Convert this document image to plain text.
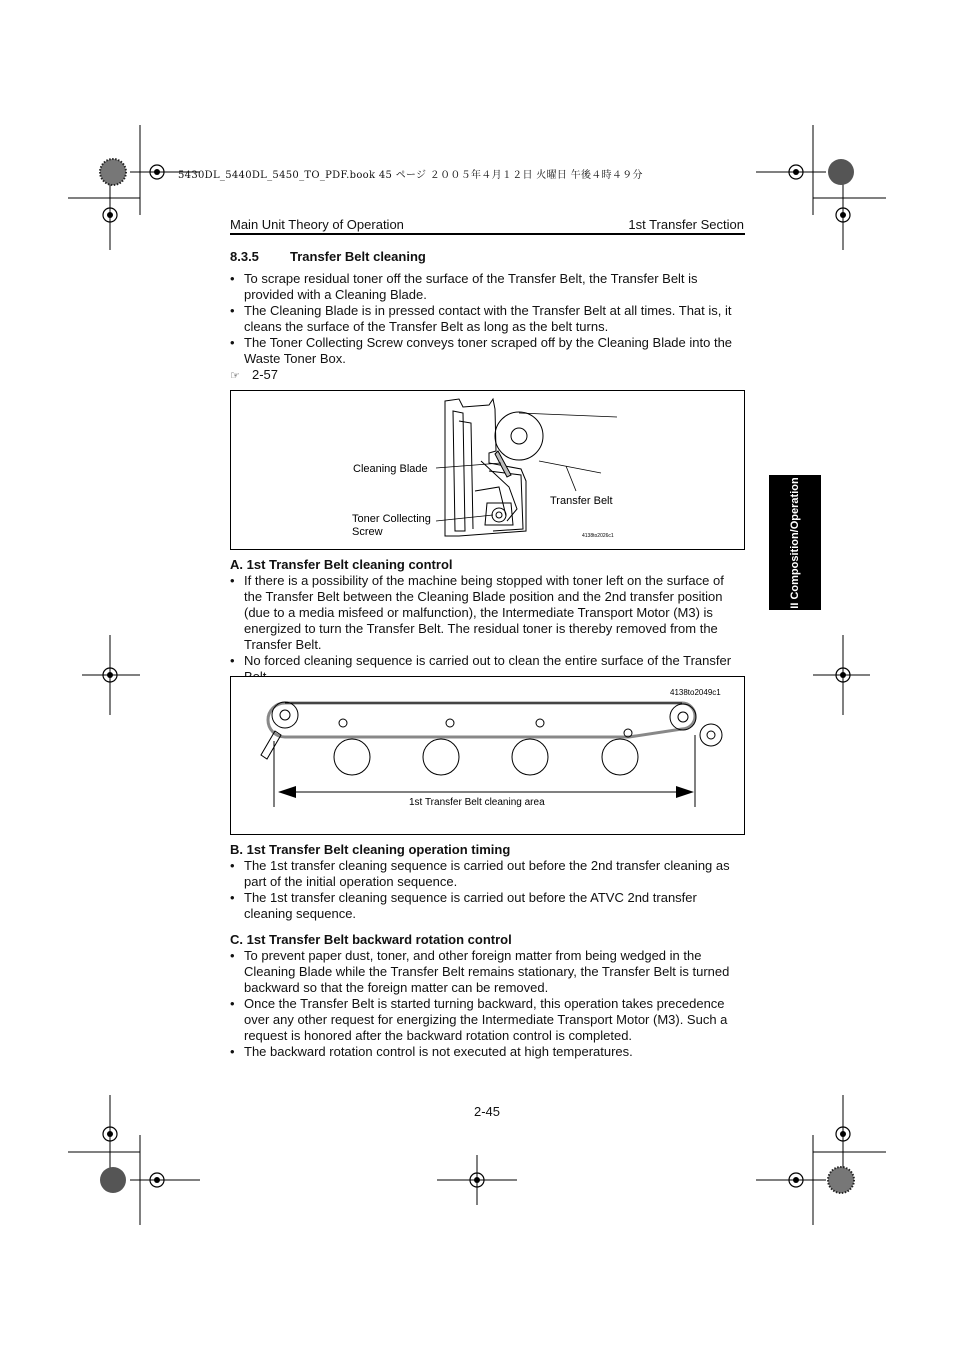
5430DL_5440DL_5450_TO_PDF.book 45 ページ ２００５年４月１２日 火曜日 午後４時４９分
Main Unit Theory of Operation	1st Transfer Section
8.3.5 Transfer Belt cleaning
• To scrape residual toner off the surface of the Transfer Belt, the Transfer Belt is provided with a Cleaning Blade.
• The Cleaning Blade is in pressed contact with the Transfer Belt at all times. That is, it cleans the surface of the Transfer Belt as long as the belt turns.
• The Toner Collecting Screw conveys toner scraped off by the Cleaning Blade into the Waste Toner Box.
☞ 2-57
Cleaning Blade
Transfer Belt
Toner Collecting
Screw	4138to2026c1
A. 1st Transfer Belt cleaning control
• If there is a possibility of the machine being stopped with toner left on the surface of the Transfer Belt between the Cleaning Blade position and the 2nd transfer position (due to a media misfeed or malfunction), the Intermediate Transport Motor (M3) is energized to turn the Transfer Belt. The residual toner is thereby removed from the Transfer Belt.
• No forced cleaning sequence is carried out to clean the entire surface of the Transfer
4138to2049c1
1st Transfer Belt cleaning area
B. 1st Transfer Belt cleaning operation timing
• The 1st transfer cleaning sequence is carried out before the 2nd transfer cleaning as part of the initial operation sequence.
• The 1st transfer cleaning sequence is carried out before the ATVC 2nd transfer cleaning sequence.
C. 1st Transfer Belt backward rotation control
• To prevent paper dust, toner, and other foreign matter from being wedged in the Cleaning Blade while the Transfer Belt remains stationary, the Transfer Belt is turned backward so that the foreign matter can be removed.
• Once the Transfer Belt is started turning backward, this operation takes precedence over any other request for energizing the Intermediate Transport Motor (M3). Such a request is honored after the backward rotation control is completed.
• The backward rotation control is not executed at high temperatures.
II Composition/Operation
2-45
